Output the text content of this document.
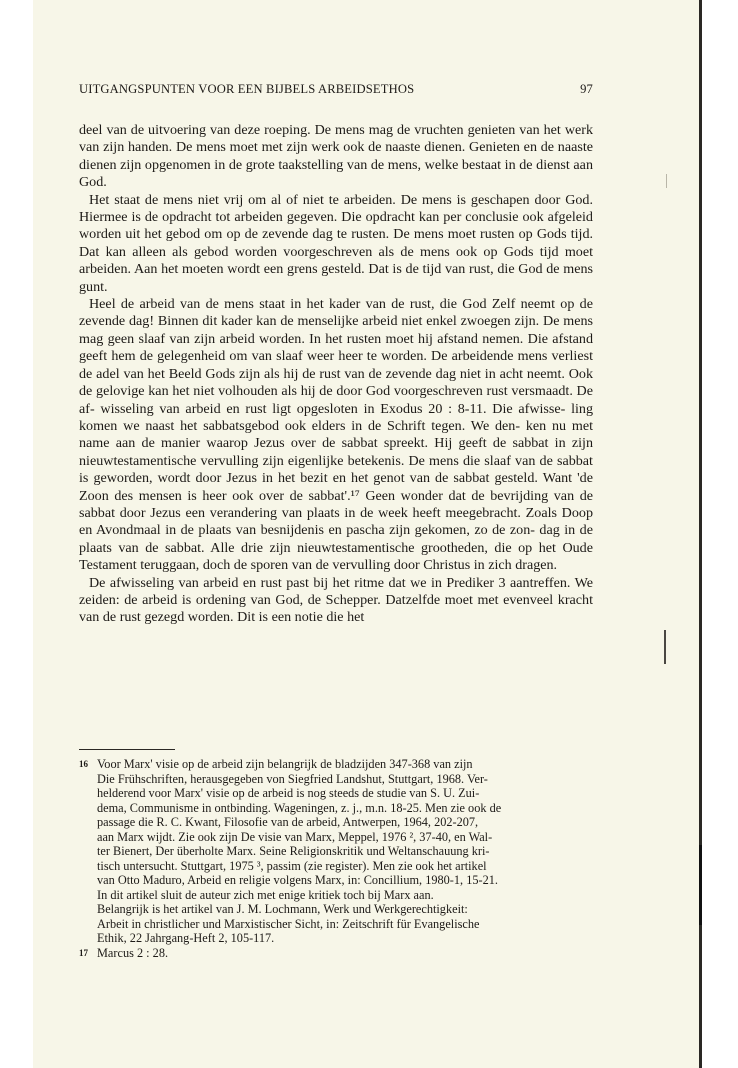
UITGANGSPUNTEN VOOR EEN BIJBELS ARBEIDSETHOS	97

deel van de uitvoering van deze roeping. De mens mag de vruchten genieten van het werk van zijn handen. De mens moet met zijn werk ook de naaste dienen. Genieten en de naaste dienen zijn opgenomen in de grote taakstelling van de mens, welke bestaat in de dienst aan God.

Het staat de mens niet vrij om al of niet te arbeiden. De mens is geschapen door God. Hiermee is de opdracht tot arbeiden gegeven. Die opdracht kan per conclusie ook afgeleid worden uit het gebod om op de zevende dag te rusten. De mens moet rusten op Gods tijd. Dat kan alleen als gebod worden voorgeschreven als de mens ook op Gods tijd moet arbeiden. Aan het moeten wordt een grens gesteld. Dat is de tijd van rust, die God de mens gunt.

Heel de arbeid van de mens staat in het kader van de rust, die God Zelf neemt op de zevende dag! Binnen dit kader kan de menselijke arbeid niet enkel zwoegen zijn. De mens mag geen slaaf van zijn arbeid worden. In het rusten moet hij afstand nemen. Die afstand geeft hem de gelegenheid om van slaaf weer heer te worden. De arbeidende mens verliest de adel van het Beeld Gods zijn als hij de rust van de zevende dag niet in acht neemt. Ook de gelovige kan het niet volhouden als hij de door God voorgeschreven rust versmaadt. De af- wisseling van arbeid en rust ligt opgesloten in Exodus 20 : 8-11. Die afwisse- ling komen we naast het sabbatsgebod ook elders in de Schrift tegen. We den- ken nu met name aan de manier waarop Jezus over de sabbat spreekt. Hij geeft de sabbat in zijn nieuwtestamentische vervulling zijn eigenlijke betekenis. De mens die slaaf van de sabbat is geworden, wordt door Jezus in het bezit en het genot van de sabbat gesteld. Want 'de Zoon des mensen is heer ook over de sabbat'.¹⁷ Geen wonder dat de bevrijding van de sabbat door Jezus een verandering van plaats in de week heeft meegebracht. Zoals Doop en Avondmaal in de plaats van besnijdenis en pascha zijn gekomen, zo de zon- dag in de plaats van de sabbat. Alle drie zijn nieuwtestamentische grootheden, die op het Oude Testament teruggaan, doch de sporen van de vervulling door Christus in zich dragen.

De afwisseling van arbeid en rust past bij het ritme dat we in Prediker 3 aantreffen. We zeiden: de arbeid is ordening van God, de Schepper. Datzelfde moet met evenveel kracht van de rust gezegd worden. Dit is een notie die het

16 Voor Marx' visie op de arbeid zijn belangrijk de bladzijden 347-368 van zijn
Die Frühschriften, herausgegeben von Siegfried Landshut, Stuttgart, 1968. Ver-
helderend voor Marx' visie op de arbeid is nog steeds de studie van S. U. Zui-
dema, Communisme in ontbinding. Wageningen, z. j., m.n. 18-25. Men zie ook de
passage die R. C. Kwant, Filosofie van de arbeid, Antwerpen, 1964, 202-207,
aan Marx wijdt. Zie ook zijn De visie van Marx, Meppel, 1976 ², 37-40, en Wal-
ter Bienert, Der überholte Marx. Seine Religionskritik und Weltanschauung kri-
tisch untersucht. Stuttgart, 1975 ³, passim (zie register). Men zie ook het artikel
van Otto Maduro, Arbeid en religie volgens Marx, in: Concillium, 1980-1, 15-21.
In dit artikel sluit de auteur zich met enige kritiek toch bij Marx aan.
Belangrijk is het artikel van J. M. Lochmann, Werk und Werkgerechtigkeit:
Arbeit in christlicher und Marxistischer Sicht, in: Zeitschrift für Evangelische
Ethik, 22 Jahrgang-Heft 2, 105-117.
17 Marcus 2 : 28.
